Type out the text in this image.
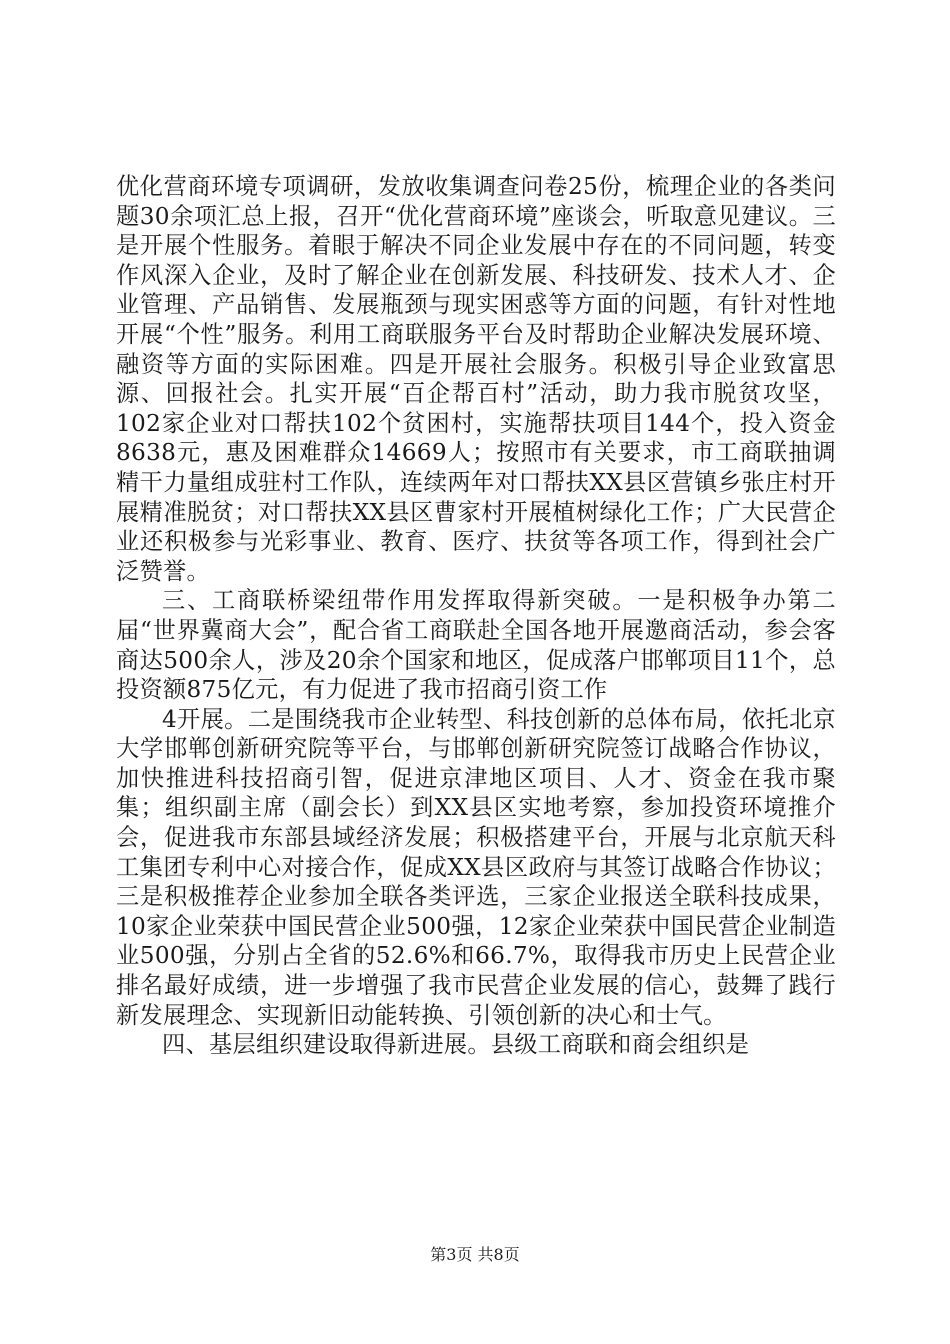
优化营商环境专项调研，发放收集调查问卷25份，梳理企业的各类问题30余项汇总上报，召开“优化营商环境”座谈会，听取意见建议。三是开展个性服务。着眼于解决不同企业发展中存在的不同问题，转变作风深入企业，及时了解企业在创新发展、科技研发、技术人才、企业管理、产品销售、发展瓶颈与现实困惑等方面的问题，有针对性地开展“个性”服务。利用工商联服务平台及时帮助企业解决发展环境、融资等方面的实际困难。四是开展社会服务。积极引导企业致富思源、回报社会。扎实开展“百企帮百村”活动，助力我市脱贫攻坚，102家企业对口帮扶102个贫困村，实施帮扶项目144个，投入资金8638元，惠及困难群众14669人；按照市有关要求，市工商联抽调精干力量组成驻村工作队，连续两年对口帮扶XX县区营镇乡张庄村开展精准脱贫；对口帮扶XX县区曹家村开展植树绿化工作；广大民营企业还积极参与光彩事业、教育、医疗、扶贫等各项工作，得到社会广泛赞誉。

三、工商联桥梁纽带作用发挥取得新突破。一是积极争办第二届“世界冀商大会”，配合省工商联赴全国各地开展邀商活动，参会客商达500余人，涉及20余个国家和地区，促成落户邯郸项目11个，总投资额875亿元，有力促进了我市招商引资工作

4开展。二是围绕我市企业转型、科技创新的总体布局，依托北京大学邯郸创新研究院等平台，与邯郸创新研究院签订战略合作协议，加快推进科技招商引智，促进京津地区项目、人才、资金在我市聚集；组织副主席（副会长）到XX县区实地考察，参加投资环境推介会，促进我市东部县域经济发展；积极搭建平台，开展与北京航天科工集团专利中心对接合作，促成XX县区政府与其签订战略合作协议；三是积极推荐企业参加全联各类评选，三家企业报送全联科技成果，10家企业荣获中国民营企业500强，12家企业荣获中国民营企业制造业500强，分别占全省的52.6%和66.7%，取得我市历史上民营企业排名最好成绩，进一步增强了我市民营企业发展的信心，鼓舞了践行新发展理念、实现新旧动能转换、引领创新的决心和士气。

四、基层组织建设取得新进展。县级工商联和商会组织是

第3页 共8页
